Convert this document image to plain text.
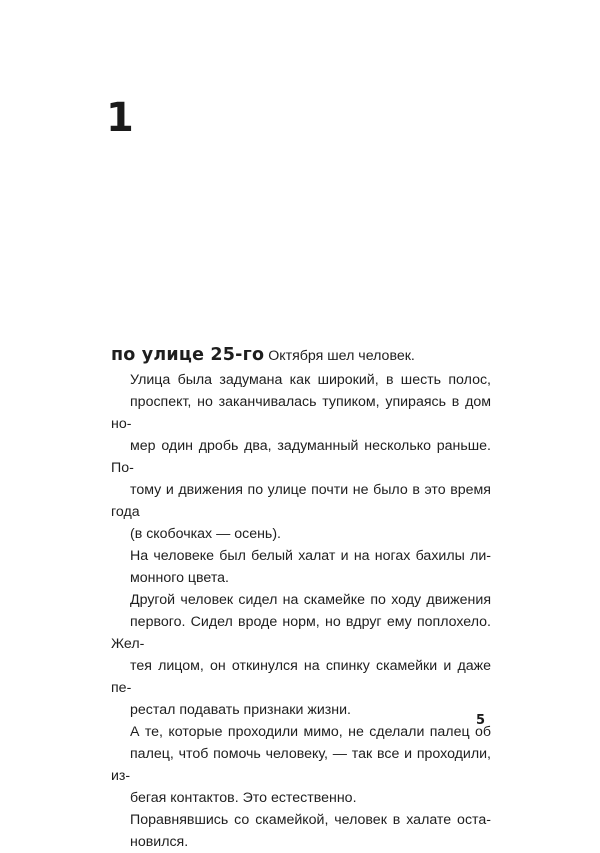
1

по улице 25-го Октября шел человек.

Улица была задумана как широкий, в шесть полос,
проспект, но заканчивалась тупиком, упираясь в дом но-
мер один дробь два, задуманный несколько раньше. По-
тому и движения по улице почти не было в это время года
(в скобочках — осень).

На человеке был белый халат и на ногах бахилы ли-
монного цвета.

Другой человек сидел на скамейке по ходу движения
первого. Сидел вроде норм, но вдруг ему поплохело. Жел-
тея лицом, он откинулся на спинку скамейки и даже пе-
рестал подавать признаки жизни.

А те, которые проходили мимо, не сделали палец об
палец, чтоб помочь человеку, — так все и проходили, из-
бегая контактов. Это естественно.

Поравнявшись со скамейкой, человек в халате оста-
новился.

5
